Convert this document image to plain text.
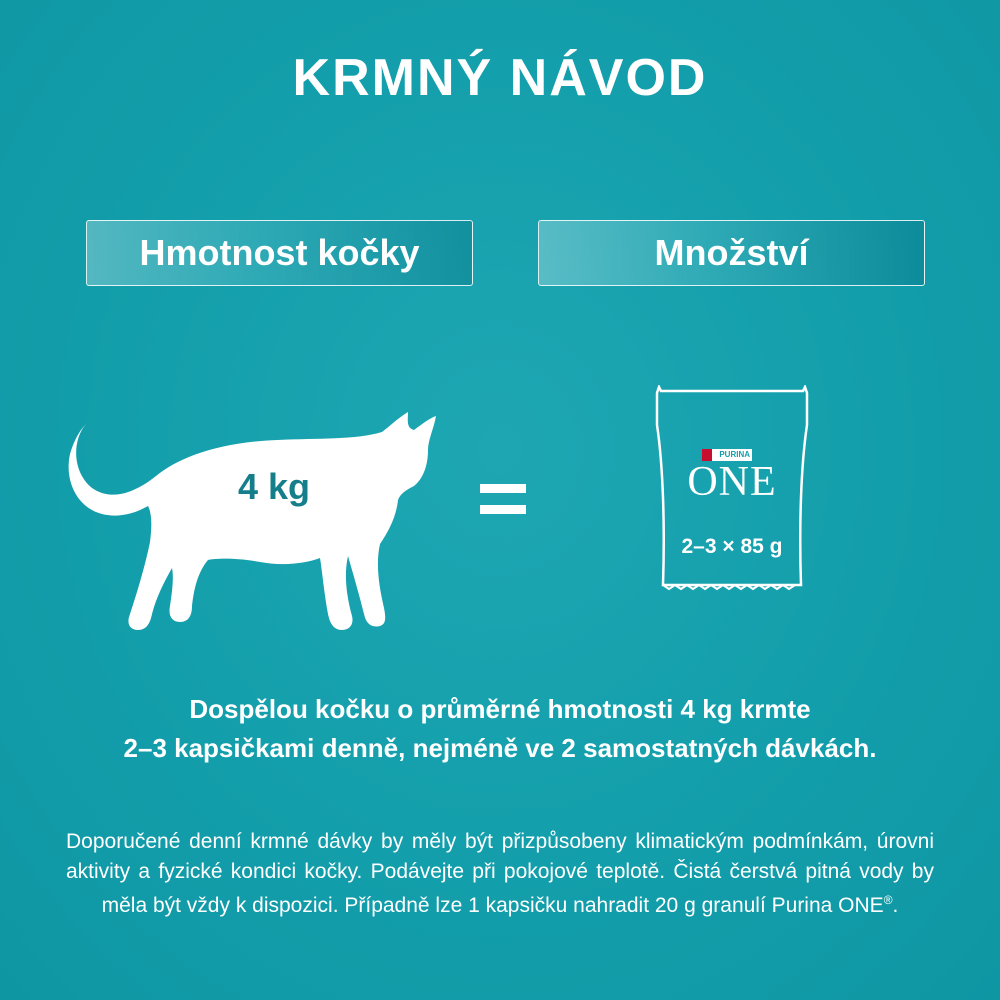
KRMNÝ NÁVOD
Hmotnost kočky	Množství
4 kg
PURINA
ONE
2–3 × 85 g
Dospělou kočku o průměrné hmotnosti 4 kg krmte
2–3 kapsičkami denně, nejméně ve 2 samostatných dávkách.
Doporučené denní krmné dávky by měly být přizpůsobeny klimatickým podmínkám, úrovni aktivity a fyzické kondici kočky. Podávejte při pokojové teplotě. Čistá čerstvá pitná vody by měla být vždy k dispozici. Případně lze 1 kapsičku nahradit 20 g granulí Purina ONE®.
